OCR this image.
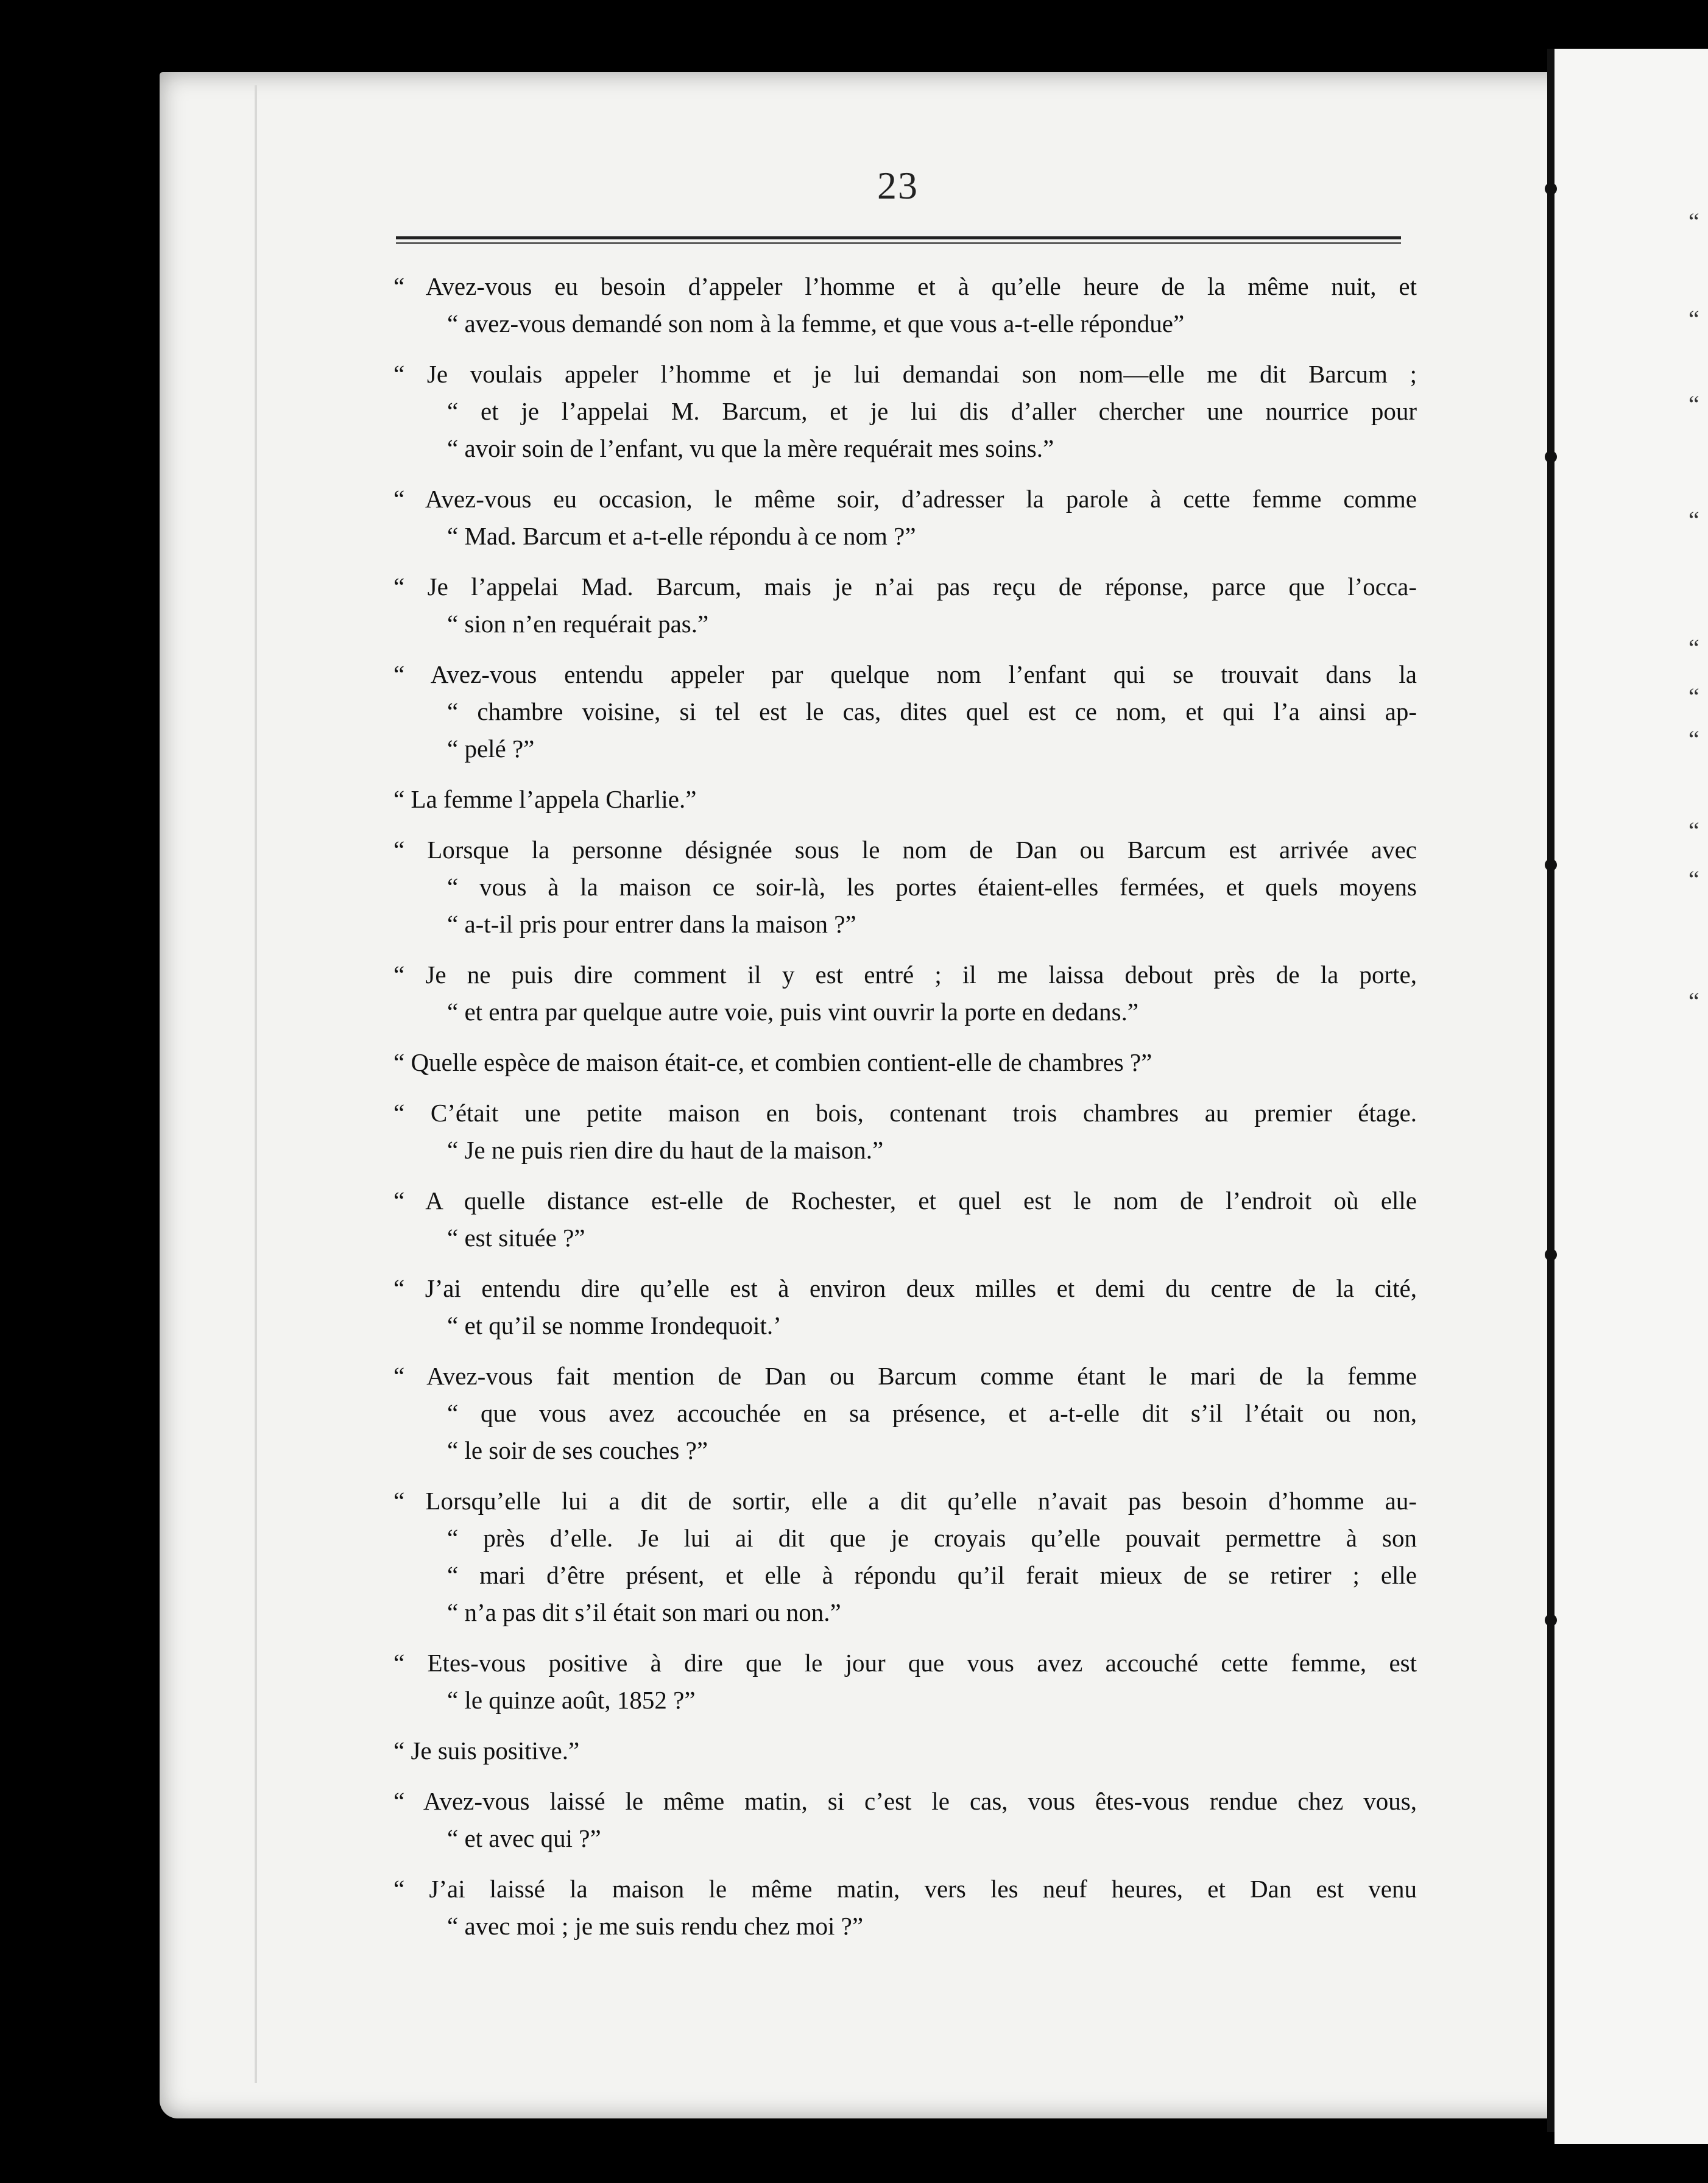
“
“
“
“
“
“
“
“
“
“
23
“ Avez-vous eu besoin d’appeler l’homme et à qu’elle heure de la même nuit, et
“ avez-vous demandé son nom à la femme, et que vous a-t-elle répondue”
“ Je voulais appeler l’homme et je lui demandai son nom—elle me dit Barcum ;
“ et je l’appelai M. Barcum, et je lui dis d’aller chercher une nourrice pour
“ avoir soin de l’enfant, vu que la mère requérait mes soins.”
“ Avez-vous eu occasion, le même soir, d’adresser la parole à cette femme comme
“ Mad. Barcum et a-t-elle répondu à ce nom ?”
“ Je l’appelai Mad. Barcum, mais je n’ai pas reçu de réponse, parce que l’occa-
“ sion n’en requérait pas.”
“ Avez-vous entendu appeler par quelque nom l’enfant qui se trouvait dans la
“ chambre voisine, si tel est le cas, dites quel est ce nom, et qui l’a ainsi ap-
“ pelé ?”
“ La femme l’appela Charlie.”
“ Lorsque la personne désignée sous le nom de Dan ou Barcum est arrivée avec
“ vous à la maison ce soir-là, les portes étaient-elles fermées, et quels moyens
“ a-t-il pris pour entrer dans la maison ?”
“ Je ne puis dire comment il y est entré ; il me laissa debout près de la porte,
“ et entra par quelque autre voie, puis vint ouvrir la porte en dedans.”
“ Quelle espèce de maison était-ce, et combien contient-elle de chambres ?”
“ C’était une petite maison en bois, contenant trois chambres au premier étage.
“ Je ne puis rien dire du haut de la maison.”
“ A quelle distance est-elle de Rochester, et quel est le nom de l’endroit où elle
“ est située ?”
“ J’ai entendu dire qu’elle est à environ deux milles et demi du centre de la cité,
“ et qu’il se nomme Irondequoit.’
“ Avez-vous fait mention de Dan ou Barcum comme étant le mari de la femme
“ que vous avez accouchée en sa présence, et a-t-elle dit s’il l’était ou non,
“ le soir de ses couches ?”
“ Lorsqu’elle lui a dit de sortir, elle a dit qu’elle n’avait pas besoin d’homme au-
“ près d’elle. Je lui ai dit que je croyais qu’elle pouvait permettre à son
“ mari d’être présent, et elle à répondu qu’il ferait mieux de se retirer ; elle
“ n’a pas dit s’il était son mari ou non.”
“ Etes-vous positive à dire que le jour que vous avez accouché cette femme, est
“ le quinze août, 1852 ?”
“ Je suis positive.”
“ Avez-vous laissé le même matin, si c’est le cas, vous êtes-vous rendue chez vous,
“ et avec qui ?”
“ J’ai laissé la maison le même matin, vers les neuf heures, et Dan est venu
“ avec moi ; je me suis rendu chez moi ?”
